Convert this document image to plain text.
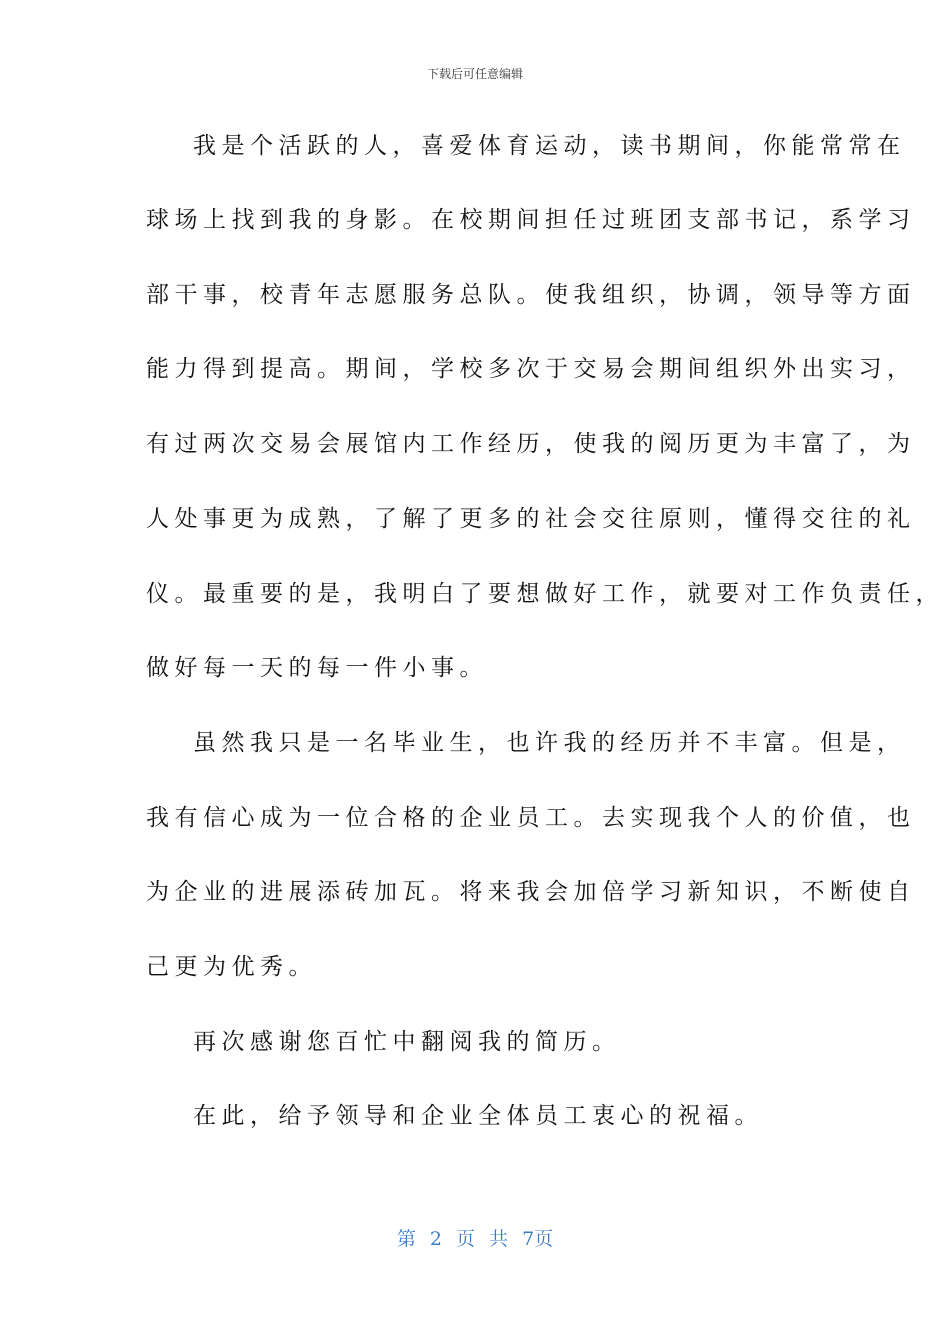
下载后可任意编辑
我是个活跃的人，喜爱体育运动，读书期间，你能常常在
球场上找到我的身影。在校期间担任过班团支部书记，系学习
部干事，校青年志愿服务总队。使我组织，协调，领导等方面
能力得到提高。期间，学校多次于交易会期间组织外出实习，
有过两次交易会展馆内工作经历，使我的阅历更为丰富了，为
人处事更为成熟，了解了更多的社会交往原则，懂得交往的礼
仪。最重要的是，我明白了要想做好工作，就要对工作负责任，
做好每一天的每一件小事。
虽然我只是一名毕业生，也许我的经历并不丰富。但是，
我有信心成为一位合格的企业员工。去实现我个人的价值，也
为企业的进展添砖加瓦。将来我会加倍学习新知识，不断使自
己更为优秀。
再次感谢您百忙中翻阅我的简历。
在此，给予领导和企业全体员工衷心的祝福。
第 2 页 共 7页
